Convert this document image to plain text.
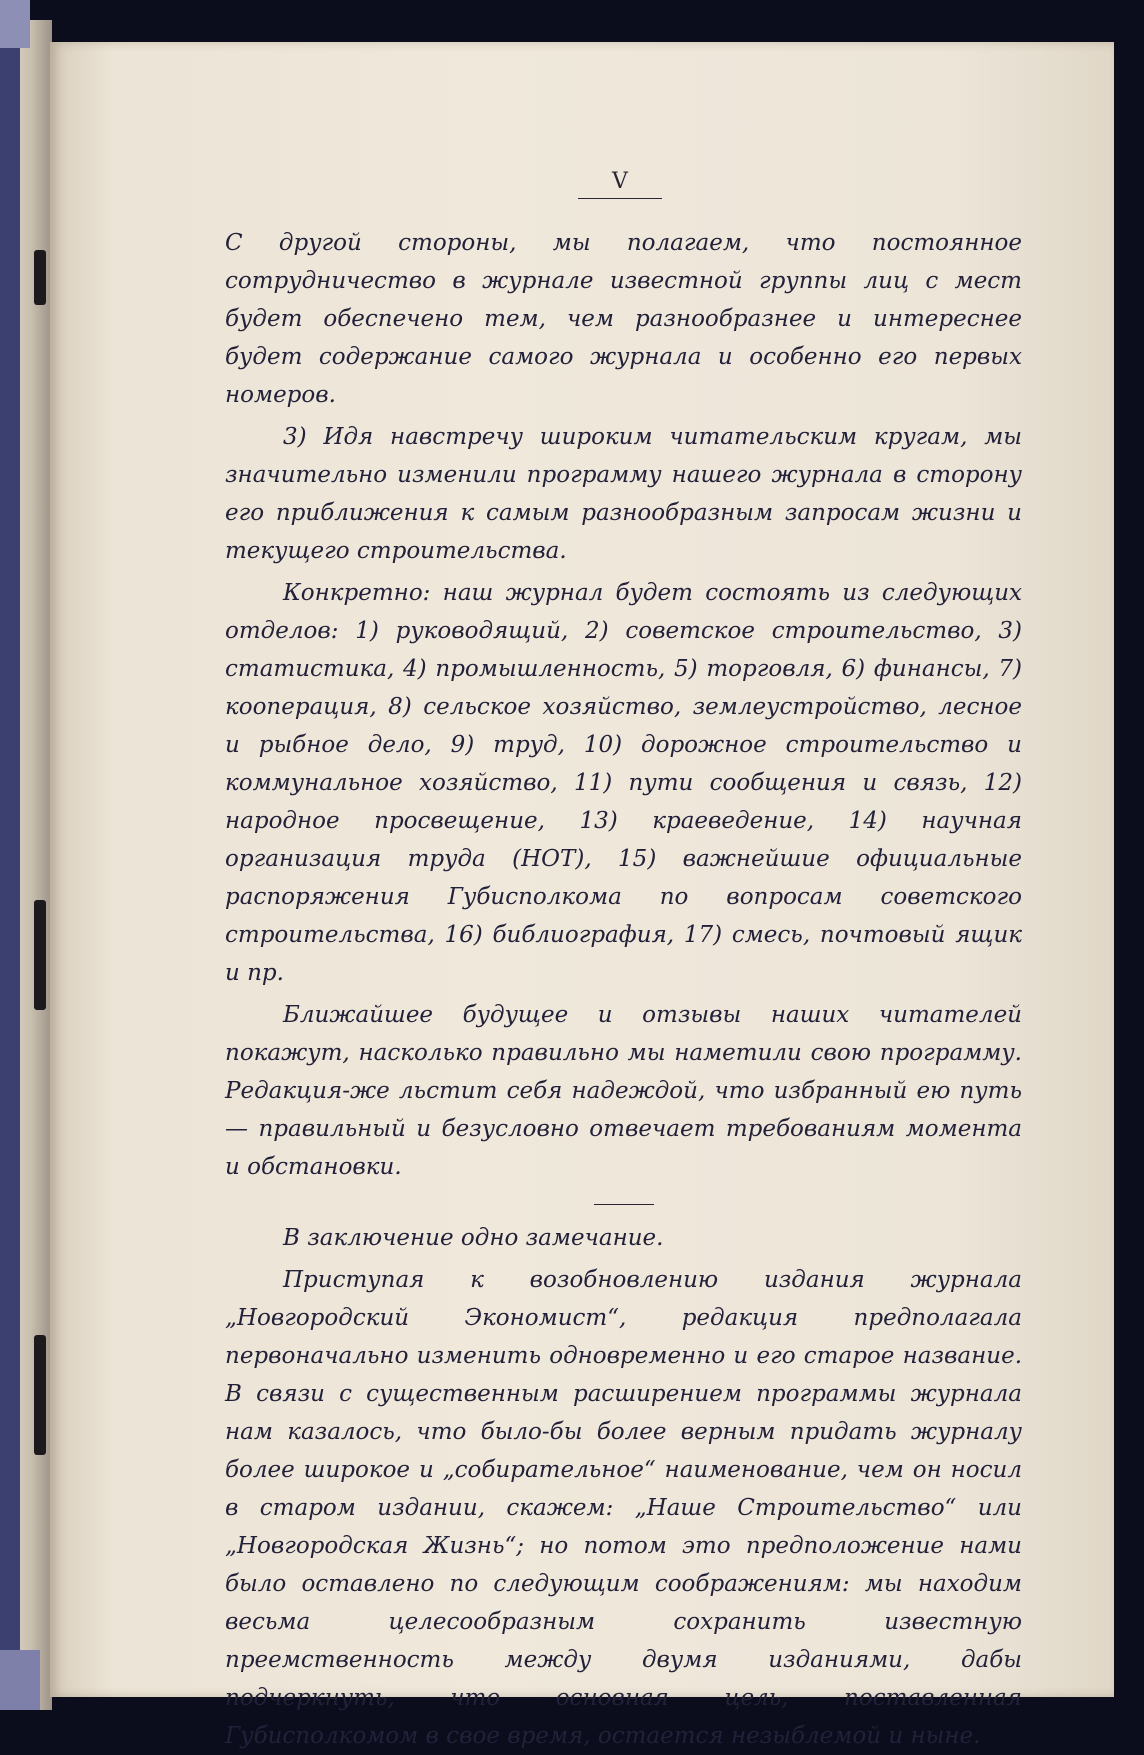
V

С другой стороны, мы полагаем, что постоянное сотрудничество в журнале известной группы лиц с мест будет обеспечено тем, чем разнообразнее и интереснее будет содержание самого журнала и особенно его первых номеров.

3) Идя навстречу широким читательским кругам, мы значительно изменили программу нашего журнала в сторону его приближения к самым разнообразным запросам жизни и текущего строительства.

Конкретно: наш журнал будет состоять из следующих отделов: 1) руководящий, 2) советское строительство, 3) статистика, 4) промышленность, 5) торговля, 6) финансы, 7) кооперация, 8) сельское хозяйство, землеустройство, лесное и рыбное дело, 9) труд, 10) дорожное строительство и коммунальное хозяйство, 11) пути сообщения и связь, 12) народное просвещение, 13) краеведение, 14) научная организация труда (НОТ), 15) важнейшие официальные распоряжения Губисполкома по вопросам советского строительства, 16) библиография, 17) смесь, почтовый ящик и пр.

Ближайшее будущее и отзывы наших читателей покажут, насколько правильно мы наметили свою программу. Редакция-же льстит себя надеждой, что избранный ею путь — правильный и безусловно отвечает требованиям момента и обстановки.

В заключение одно замечание.

Приступая к возобновлению издания журнала „Новгородский Экономист“, редакция предполагала первоначально изменить одновременно и его старое название. В связи с существенным расширением программы журнала нам казалось, что было-бы более верным придать журналу более широкое и „собирательное“ наименование, чем он носил в старом издании, скажем: „Наше Строительство“ или „Новгородская Жизнь“; но потом это предположение нами было оставлено по следующим соображениям: мы находим весьма целесообразным сохранить известную преемственность между двумя изданиями, дабы подчеркнуть, что основная цель, поставленная Губисполкомом в свое время, остается незыблемой и ныне.
